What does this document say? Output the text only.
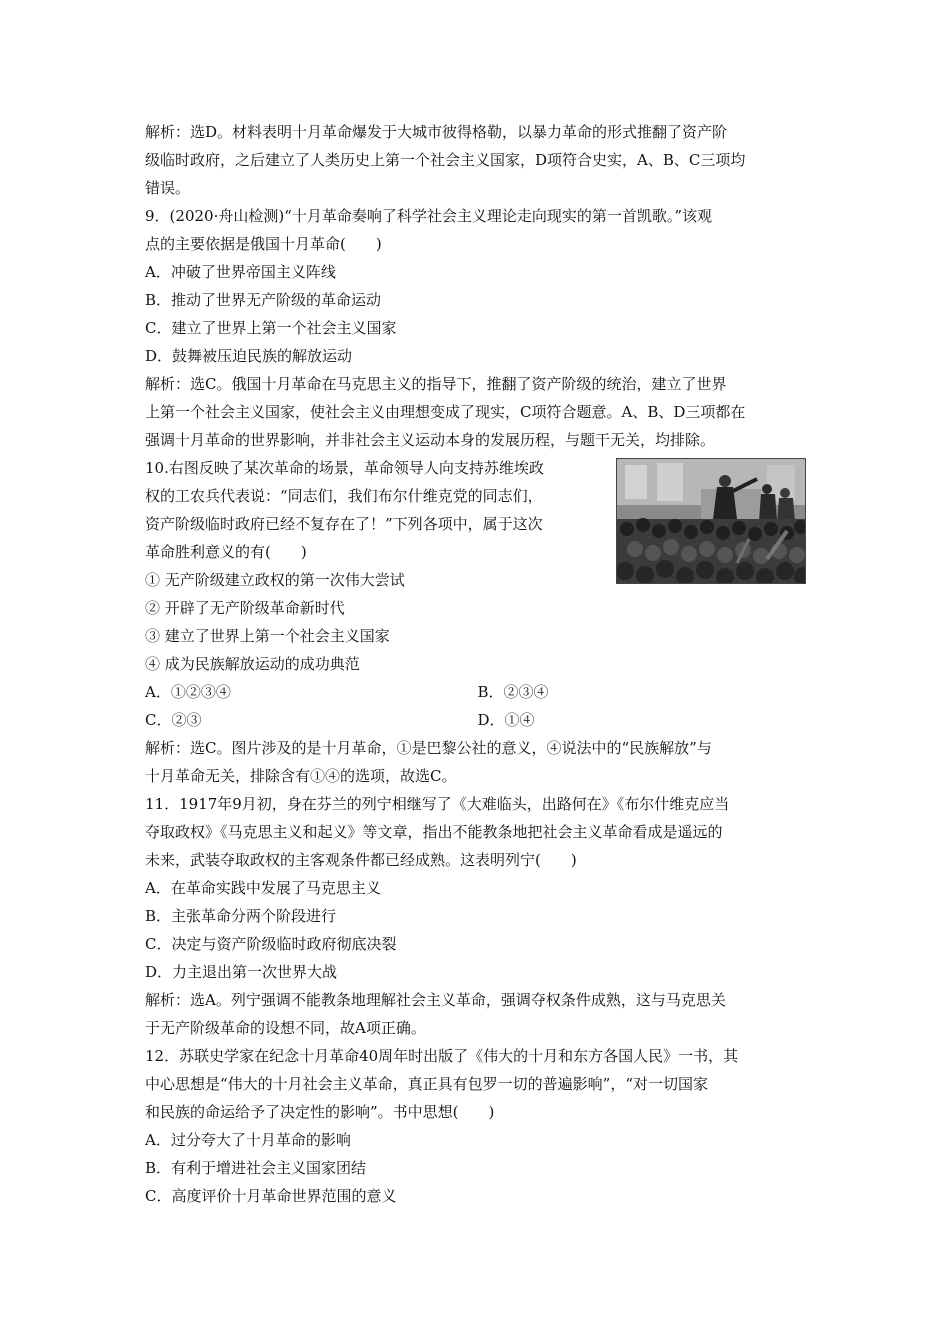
解析：选D。材料表明十月革命爆发于大城市彼得格勒，以暴力革命的形式推翻了资产阶
级临时政府，之后建立了人类历史上第一个社会主义国家，D项符合史实，A、B、C三项均
错误。
9．(2020·舟山检测)“十月革命奏响了科学社会主义理论走向现实的第一首凯歌。”该观
点的主要依据是俄国十月革命(　　)
A．冲破了世界帝国主义阵线
B．推动了世界无产阶级的革命运动
C．建立了世界上第一个社会主义国家
D．鼓舞被压迫民族的解放运动
解析：选C。俄国十月革命在马克思主义的指导下，推翻了资产阶级的统治，建立了世界
上第一个社会主义国家，使社会主义由理想变成了现实，C项符合题意。A、B、D三项都在
强调十月革命的世界影响，并非社会主义运动本身的发展历程，与题干无关，均排除。
10.右图反映了某次革命的场景，革命领导人向支持苏维埃政
权的工农兵代表说：“同志们，我们布尔什维克党的同志们，
资产阶级临时政府已经不复存在了！”下列各项中，属于这次
革命胜利意义的有(　　)
① 无产阶级建立政权的第一次伟大尝试
② 开辟了无产阶级革命新时代
③ 建立了世界上第一个社会主义国家
④ 成为民族解放运动的成功典范
A．①②③④	B．②③④
C．②③	D．①④
解析：选C。图片涉及的是十月革命，①是巴黎公社的意义，④说法中的“民族解放”与
十月革命无关，排除含有①④的选项，故选C。
11．1917年9月初，身在芬兰的列宁相继写了《大难临头，出路何在》《布尔什维克应当
夺取政权》《马克思主义和起义》等文章，指出不能教条地把社会主义革命看成是遥远的
未来，武装夺取政权的主客观条件都已经成熟。这表明列宁(　　)
A．在革命实践中发展了马克思主义
B．主张革命分两个阶段进行
C．决定与资产阶级临时政府彻底决裂
D．力主退出第一次世界大战
解析：选A。列宁强调不能教条地理解社会主义革命，强调夺权条件成熟，这与马克思关
于无产阶级革命的设想不同，故A项正确。
12．苏联史学家在纪念十月革命40周年时出版了《伟大的十月和东方各国人民》一书，其
中心思想是“伟大的十月社会主义革命，真正具有包罗一切的普遍影响”，“对一切国家
和民族的命运给予了决定性的影响”。书中思想(　　)
A．过分夸大了十月革命的影响
B．有利于增进社会主义国家团结
C．高度评价十月革命世界范围的意义
